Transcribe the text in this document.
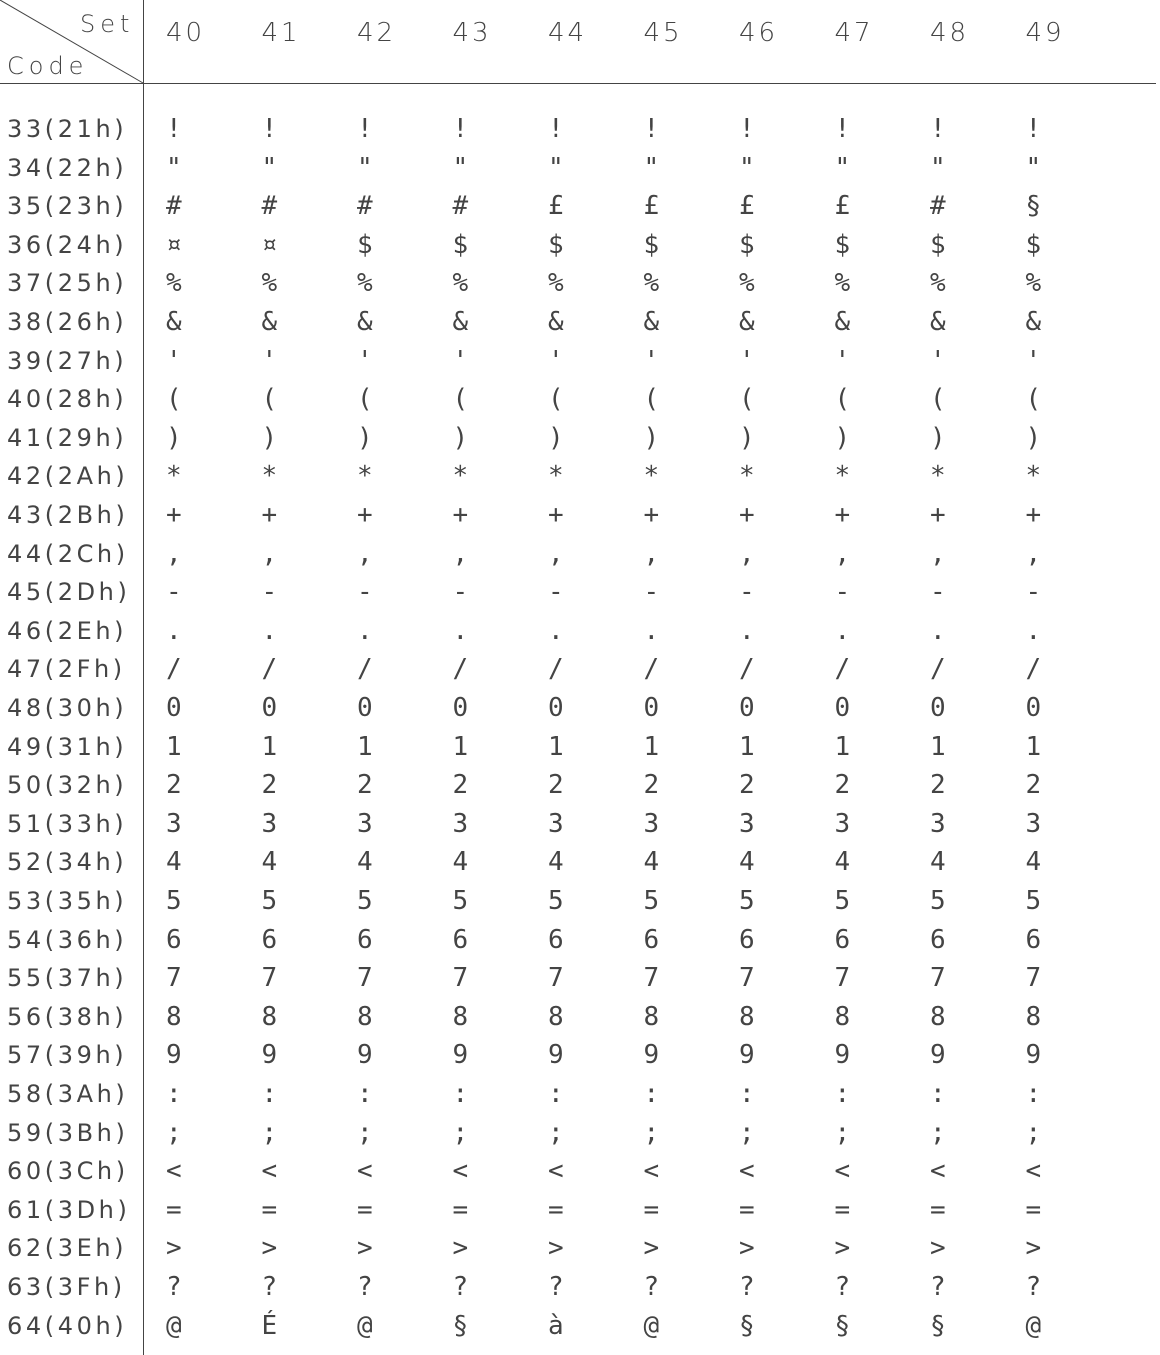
Set
Code
40 41 42 43 44 45 46 47 48 49
33(21h) !	!	!	!	!	!	!	!	!	!
34(22h) "	"	"	"	"	"	"	"	"	"
35(23h) #	#	#	#	£	£	£	£	#	§
36(24h) ¤	¤	$	$	$	$	$	$	$	$
37(25h) %	%	%	%	%	%	%	%	%	%
38(26h) &	&	&	&	&	&	&	&	&	&
39(27h) '	'	'	'	'	'	'	'	'	'
40(28h) (	(	(	(	(	(	(	(	(	(
41(29h) )	)	)	)	)	)	)	)	)	)
42(2Ah) *	*	*	*	*	*	*	*	*	*
43(2Bh) +	+	+	+	+	+	+	+	+	+
44(2Ch) ,	,	,	,	,	,	,	,	,	,
45(2Dh) -	-	-	-	-	-	-	-	-	-
46(2Eh) .	.	.	.	.	.	.	.	.	.
47(2Fh) /	/	/	/	/	/	/	/	/	/
48(30h) 0	0	0	0	0	0	0	0	0	0
49(31h) 1	1	1	1	1	1	1	1	1	1
50(32h) 2	2	2	2	2	2	2	2	2	2
51(33h) 3	3	3	3	3	3	3	3	3	3
52(34h) 4	4	4	4	4	4	4	4	4	4
53(35h) 5	5	5	5	5	5	5	5	5	5
54(36h) 6	6	6	6	6	6	6	6	6	6
55(37h) 7	7	7	7	7	7	7	7	7	7
56(38h) 8	8	8	8	8	8	8	8	8	8
57(39h) 9	9	9	9	9	9	9	9	9	9
58(3Ah) :	:	:	:	:	:	:	:	:	:
59(3Bh) ;	;	;	;	;	;	;	;	;	;
60(3Ch) <	<	<	<	<	<	<	<	<	<
61(3Dh) =	=	=	=	=	=	=	=	=	=
62(3Eh) >	>	>	>	>	>	>	>	>	>
63(3Fh) ?	?	?	?	?	?	?	?	?	?
64(40h) @	É	@	§	à	@	§	§	§	@
